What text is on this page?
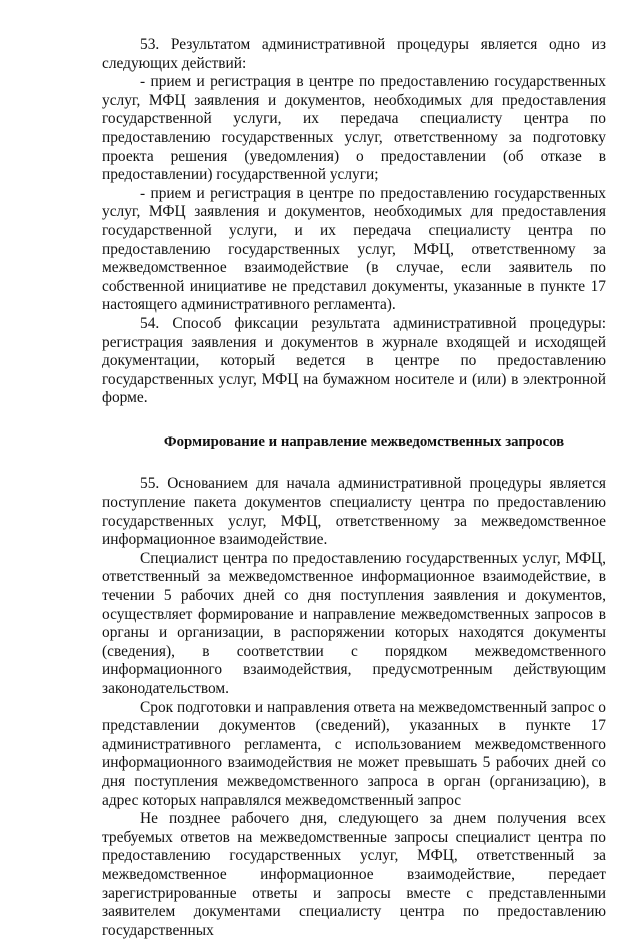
53. Результатом административной процедуры является одно из следующих действий:

- прием и регистрация в центре по предоставлению государственных услуг, МФЦ заявления и документов, необходимых для предоставления государственной услуги, их передача специалисту центра по предоставлению государственных услуг, ответственному за подготовку проекта решения (уведомления) о предоставлении (об отказе в предоставлении) государственной услуги;

- прием и регистрация в центре по предоставлению государственных услуг, МФЦ заявления и документов, необходимых для предоставления государственной услуги, и их передача специалисту центра по предоставлению государственных услуг, МФЦ, ответственному за межведомственное взаимодействие (в случае, если заявитель по собственной инициативе не представил документы, указанные в пункте 17 настоящего административного регламента).

54. Способ фиксации результата административной процедуры: регистрация заявления и документов в журнале входящей и исходящей документации, который ведется в центре по предоставлению государственных услуг, МФЦ на бумажном носителе и (или) в электронной форме.

Формирование и направление межведомственных запросов

55. Основанием для начала административной процедуры является поступление пакета документов специалисту центра по предоставлению государственных услуг, МФЦ, ответственному за межведомственное информационное взаимодействие.

Специалист центра по предоставлению государственных услуг, МФЦ, ответственный за межведомственное информационное взаимодействие, в течении 5 рабочих дней со дня поступления заявления и документов, осуществляет формирование и направление межведомственных запросов в органы и организации, в распоряжении которых находятся документы (сведения), в соответствии с порядком межведомственного информационного взаимодействия, предусмотренным действующим законодательством.

Срок подготовки и направления ответа на межведомственный запрос о представлении документов (сведений), указанных в пункте 17 административного регламента, с использованием межведомственного информационного взаимодействия не может превышать 5 рабочих дней со дня поступления межведомственного запроса в орган (организацию), в адрес которых направлялся межведомственный запрос

Не позднее рабочего дня, следующего за днем получения всех требуемых ответов на межведомственные запросы специалист центра по предоставлению государственных услуг, МФЦ, ответственный за межведомственное информационное взаимодействие, передает зарегистрированные ответы и запросы вместе с представленными заявителем документами специалисту центра по предоставлению государственных
